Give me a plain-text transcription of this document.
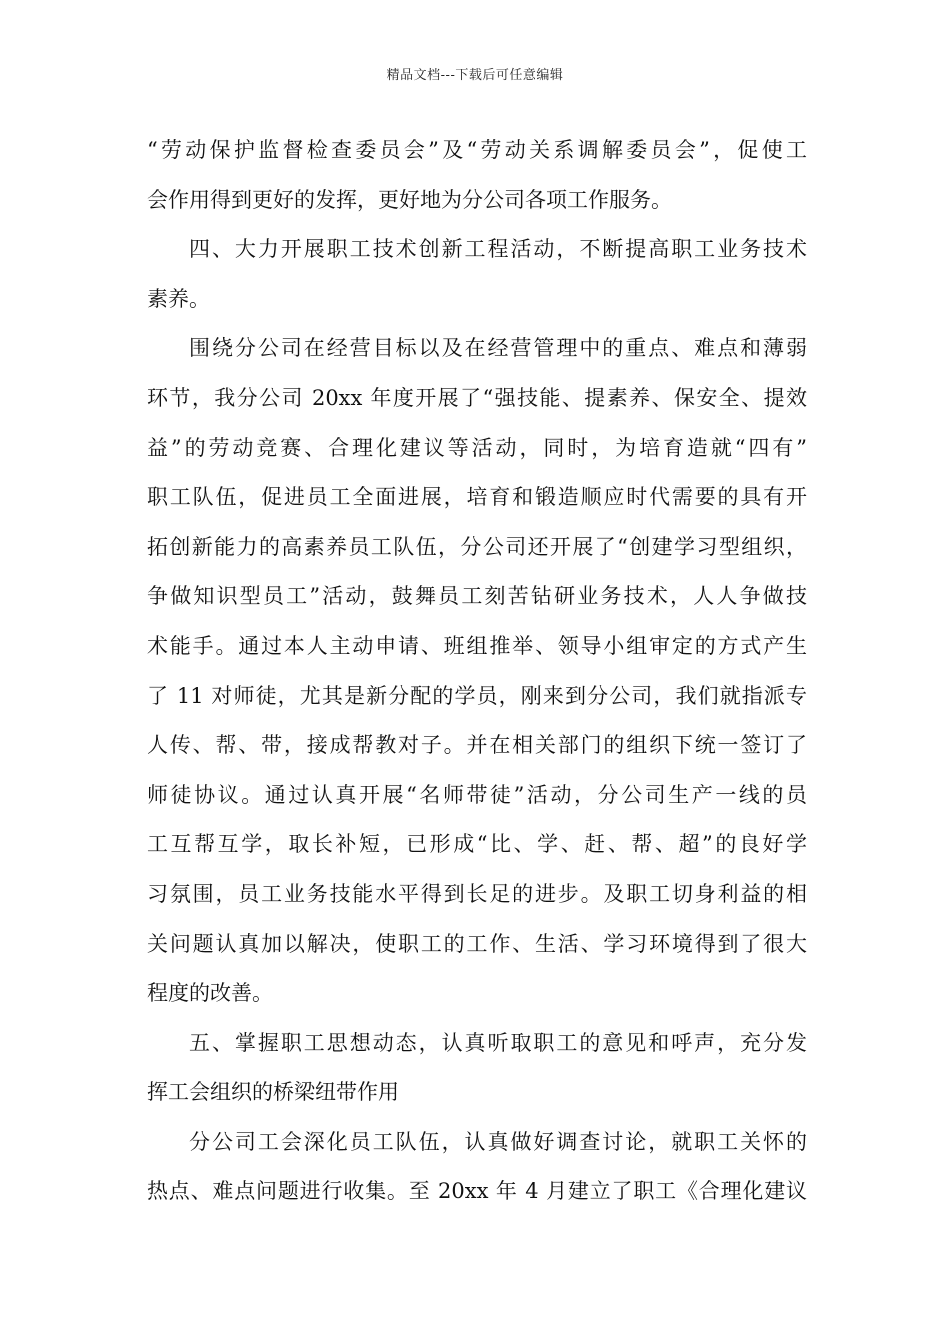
精品文档---下载后可任意编辑
“劳动保护监督检查委员会”及“劳动关系调解委员会”，促使工
会作用得到更好的发挥，更好地为分公司各项工作服务。
四、大力开展职工技术创新工程活动，不断提高职工业务技术
素养。
围绕分公司在经营目标以及在经营管理中的重点、难点和薄弱
环节，我分公司 20xx 年度开展了“强技能、提素养、保安全、提效
益”的劳动竞赛、合理化建议等活动，同时，为培育造就“四有”
职工队伍，促进员工全面进展，培育和锻造顺应时代需要的具有开
拓创新能力的高素养员工队伍，分公司还开展了“创建学习型组织，
争做知识型员工”活动，鼓舞员工刻苦钻研业务技术，人人争做技
术能手。通过本人主动申请、班组推举、领导小组审定的方式产生
了 11 对师徒，尤其是新分配的学员，刚来到分公司，我们就指派专
人传、帮、带，接成帮教对子。并在相关部门的组织下统一签订了
师徒协议。通过认真开展“名师带徒”活动，分公司生产一线的员
工互帮互学，取长补短，已形成“比、学、赶、帮、超”的良好学
习氛围，员工业务技能水平得到长足的进步。及职工切身利益的相
关问题认真加以解决，使职工的工作、生活、学习环境得到了很大
程度的改善。
五、掌握职工思想动态，认真听取职工的意见和呼声，充分发
挥工会组织的桥梁纽带作用
分公司工会深化员工队伍，认真做好调查讨论，就职工关怀的
热点、难点问题进行收集。至 20xx 年 4 月建立了职工《合理化建议
